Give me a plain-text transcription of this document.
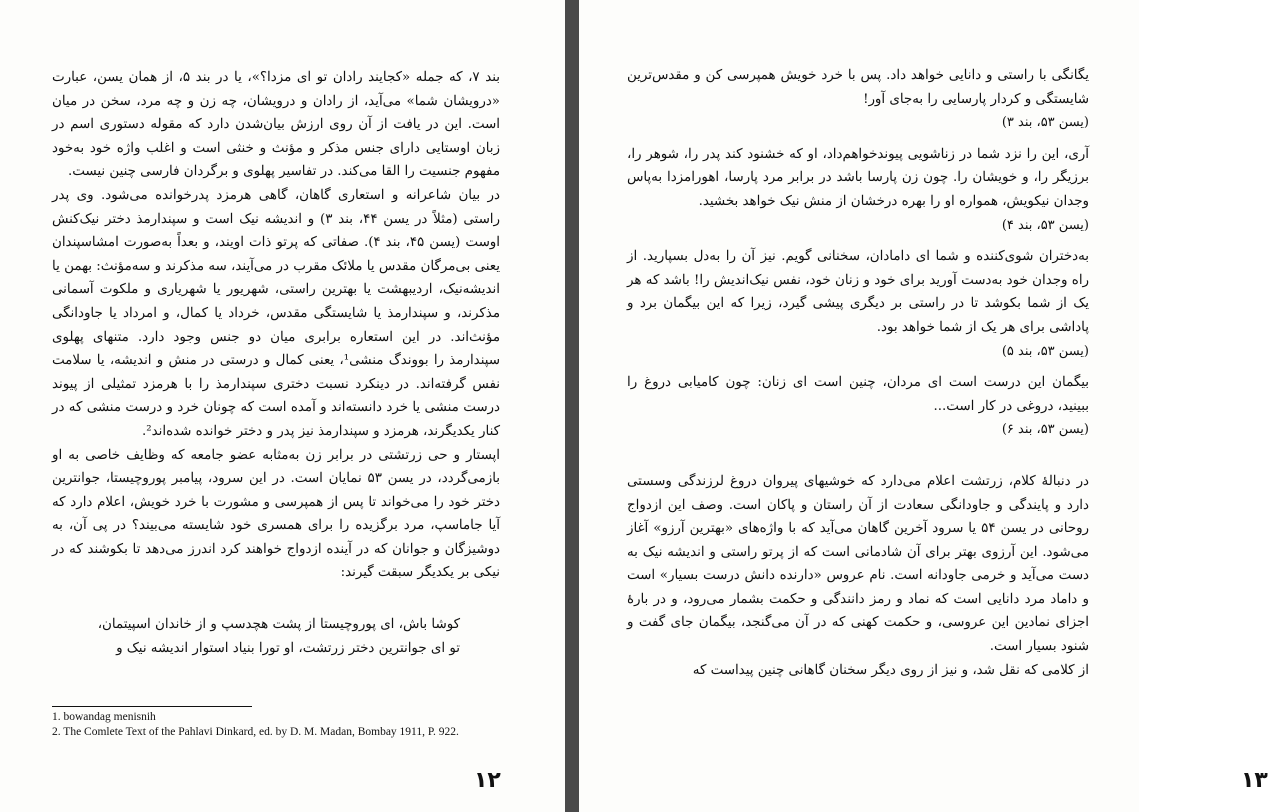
بند ۷، که جمله «کجایند رادان تو ای مزدا؟»، یا در بند ۵، از همان یسن، عبارت «درویشان شما» می‌آید، از رادان و درویشان، چه زن و چه مرد، سخن در میان است. این در یافت از آن روی ارزش بیان‌شدن دارد که مقوله دستوری اسم در زبان اوستایی دارای جنس مذکر و مؤنث و خنثی است و اغلب واژه خود به‌خود مفهوم جنسیت را القا می‌کند. در تفاسیر پهلوی و برگردان فارسی چنین نیست.

در بیان شاعرانه و استعاری گاهان، گاهی هرمزد پدرخوانده می‌شود. وی پدر راستی (مثلاً در یسن ۴۴، بند ۳) و اندیشه نیک است و سپندارمذ دختر نیک‌کنش اوست (یسن ۴۵، بند ۴). صفاتی که پرتو ذات اویند، و بعداً به‌صورت امشاسپندان یعنی بی‌مرگان مقدس یا ملائک مقرب در می‌آیند، سه مذکرند و سه‌مؤنث: بهمن یا اندیشه‌نیک، اردیبهشت یا بهترین راستی، شهریور یا شهریاری و ملکوت آسمانی مذکرند، و سپندارمذ یا شایستگی مقدس، خرداد یا کمال، و امرداد یا جاودانگی مؤنث‌اند. در این استعاره برابری میان دو جنس وجود دارد. متنهای پهلوی سپندارمذ را بووندگ منشی¹، یعنی کمال و درستی در منش و اندیشه، یا سلامت نفس گرفته‌اند. در دینکرد نسبت دختری سپندارمذ را با هرمزد تمثیلی از پیوند درست منشی یا خرد دانسته‌اند و آمده است که چونان خرد و درست منشی که در کنار یکدیگرند، هرمزد و سپندارمذ نیز پدر و دختر خوانده شده‌اند².

اپستار و حی زرتشتی در برابر زن به‌مثابه عضو جامعه که وظایف خاصی به او بازمی‌گردد، در یسن ۵۳ نمایان است. در این سرود، پیامبر پوروچیستا، جوانترین دختر خود را می‌خواند تا پس از همپرسی و مشورت با خرد خویش، اعلام دارد که آیا جاماسپ، مرد برگزیده را برای همسری خود شایسته می‌بیند؟ در پی آن، به دوشیزگان و جوانان که در آینده ازدواج خواهند کرد اندرز می‌دهد تا بکوشند که در نیکی بر یکدیگر سبقت گیرند:

کوشا باش، ای پوروچیستا از پشت هچدسپ و از خاندان اسپیتمان،

تو ای جوانترین دختر زرتشت، او تورا بنیاد استوار اندیشه نیک و

1. bowandag menisnih

2. The Comlete Text of the Pahlavi Dinkard, ed. by D. M. Madan, Bombay 1911, P. 922.

۱۲

یگانگی با راستی و دانایی خواهد داد. پس با خرد خویش همپرسی کن و مقدس‌ترین شایستگی و کردار پارسایی را به‌جای آور!

(یسن ۵۳، بند ۳)

آری، این را نزد شما در زناشویی پیوندخواهم‌داد، او که خشنود کند پدر را، شوهر را، برزیگر را، و خویشان را. چون زن پارسا باشد در برابر مرد پارسا، اهورامزدا به‌پاس وجدان نیکویش، همواره او را بهره درخشان از منش نیک خواهد بخشید.

(یسن ۵۳، بند ۴)

به‌دختران شوی‌کننده و شما ای دامادان، سخنانی گویم. نیز آن را به‌دل بسپارید. از راه وجدان خود به‌دست آورید برای خود و زنان خود، نفس نیک‌اندیش را! باشد که هر یک از شما بکوشد تا در راستی بر دیگری پیشی گیرد، زیرا که این بیگمان برد و پاداشی برای هر یک از شما خواهد بود.

(یسن ۵۳، بند ۵)

بیگمان این درست است ای مردان، چنین است ای زنان: چون کامیابی دروغ را ببینید، دروغی در کار است...

(یسن ۵۳، بند ۶)

در دنبالهٔ کلام، زرتشت اعلام می‌دارد که خوشیهای پیروان دروغ لرزندگی وسستی دارد و پایندگی و جاودانگی سعادت از آن راستان و پاکان است. وصف این ازدواج روحانی در یسن ۵۴ یا سرود آخرین گاهان می‌آید که با واژه‌های «بهترین آرزو» آغاز می‌شود. این آرزوی بهتر برای آن شادمانی است که از پرتو راستی و اندیشه نیک به دست می‌آید و خرمی جاودانه است. نام عروس «دارنده دانش درست بسیار» است و داماد مرد دانایی است که نماد و رمز دانندگی و حکمت بشمار می‌رود، و در بارهٔ اجزای نمادین این عروسی، و حکمت کهنی که در آن می‌گنجد، بیگمان جای گفت و شنود بسیار است.

از کلامی که نقل شد، و نیز از روی دیگر سخنان گاهانی چنین پیداست که

۱۳
